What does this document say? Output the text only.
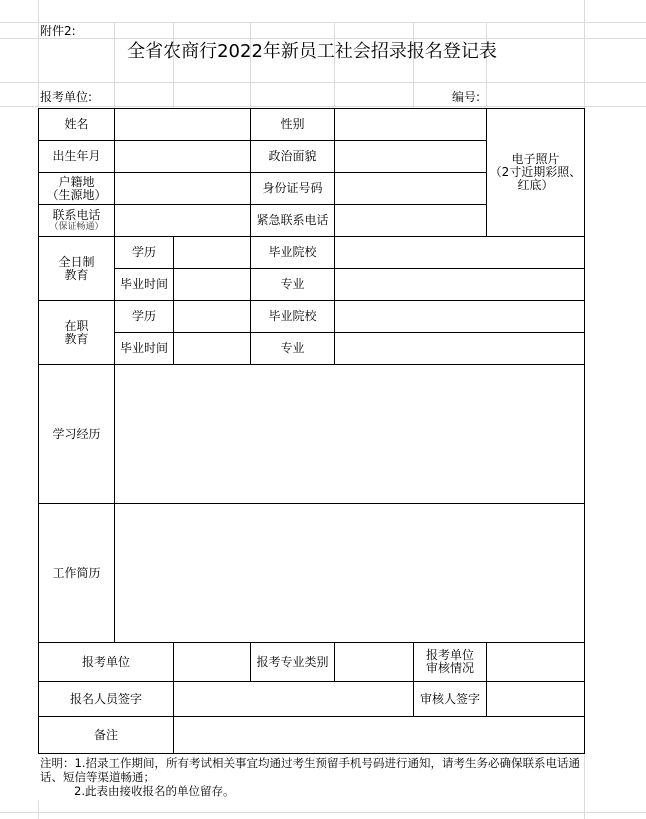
附件2:
全省农商行2022年新员工社会招录报名登记表
报考单位:	编号:
姓名	性别
出生年月	政治面貌
户籍地
（生源地）	身份证号码
联系电话
（保证畅通）	紧急联系电话
电子照片
（2寸近期彩照、
红底）
全日制
教育
学历	毕业院校
毕业时间	专业
在职
教育
学历	毕业院校
毕业时间	专业
学习经历
工作简历
报考单位	报考专业类别	报考单位
审核情况
报名人员签字	审核人签字
备注
注明：1.招录工作期间，所有考试相关事宜均通过考生预留手机号码进行通知，请考生务必确保联系电话通话、短信等渠道畅通；
2.此表由接收报名的单位留存。
